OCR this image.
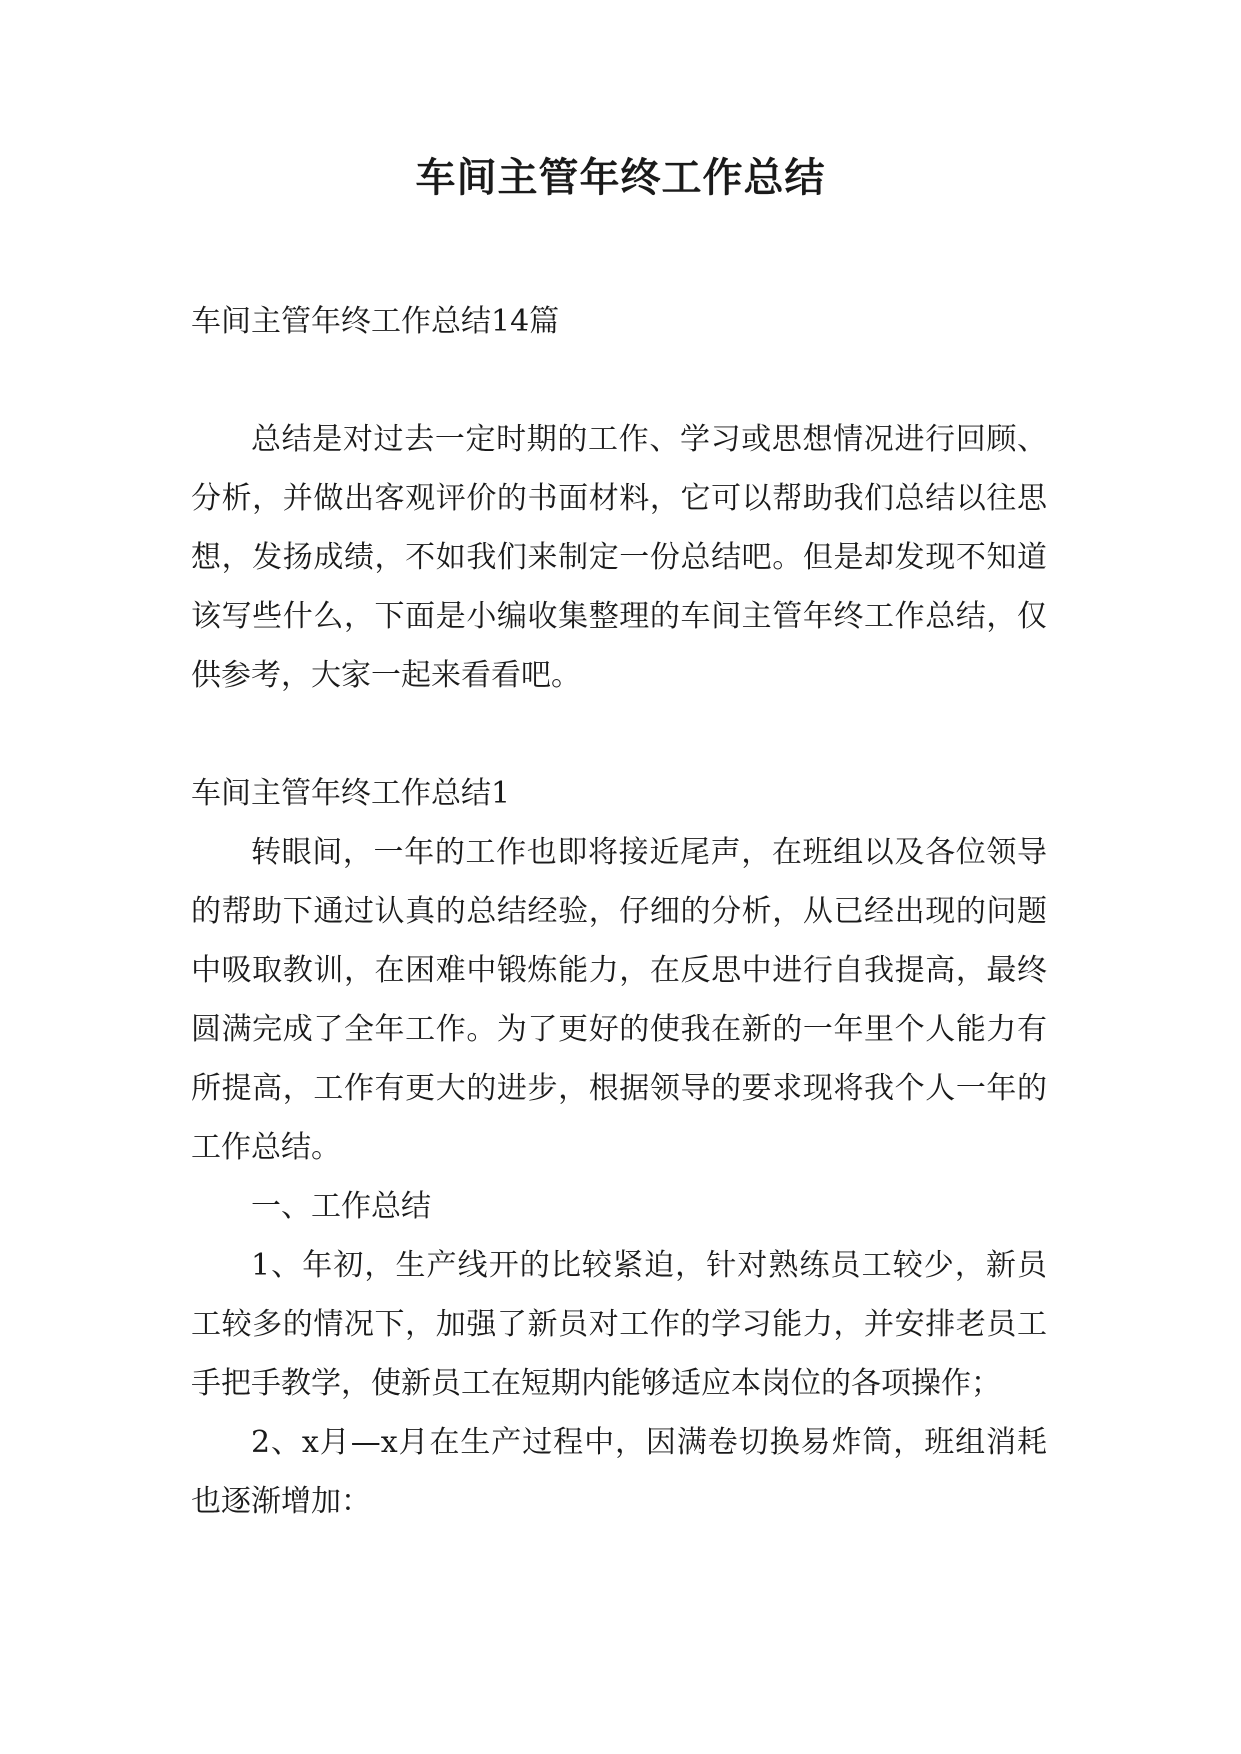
车间主管年终工作总结

车间主管年终工作总结14篇

总结是对过去一定时期的工作、学习或思想情况进行回顾、分析，并做出客观评价的书面材料，它可以帮助我们总结以往思想，发扬成绩，不如我们来制定一份总结吧。但是却发现不知道该写些什么，下面是小编收集整理的车间主管年终工作总结，仅供参考，大家一起来看看吧。

车间主管年终工作总结1

转眼间，一年的工作也即将接近尾声，在班组以及各位领导的帮助下通过认真的总结经验，仔细的分析，从已经出现的问题中吸取教训，在困难中锻炼能力，在反思中进行自我提高，最终圆满完成了全年工作。为了更好的使我在新的一年里个人能力有所提高，工作有更大的进步，根据领导的要求现将我个人一年的工作总结。

一、工作总结

1、年初，生产线开的比较紧迫，针对熟练员工较少，新员工较多的情况下，加强了新员对工作的学习能力，并安排老员工手把手教学，使新员工在短期内能够适应本岗位的各项操作；

2、x月—x月在生产过程中，因满卷切换易炸筒，班组消耗也逐渐增加：
